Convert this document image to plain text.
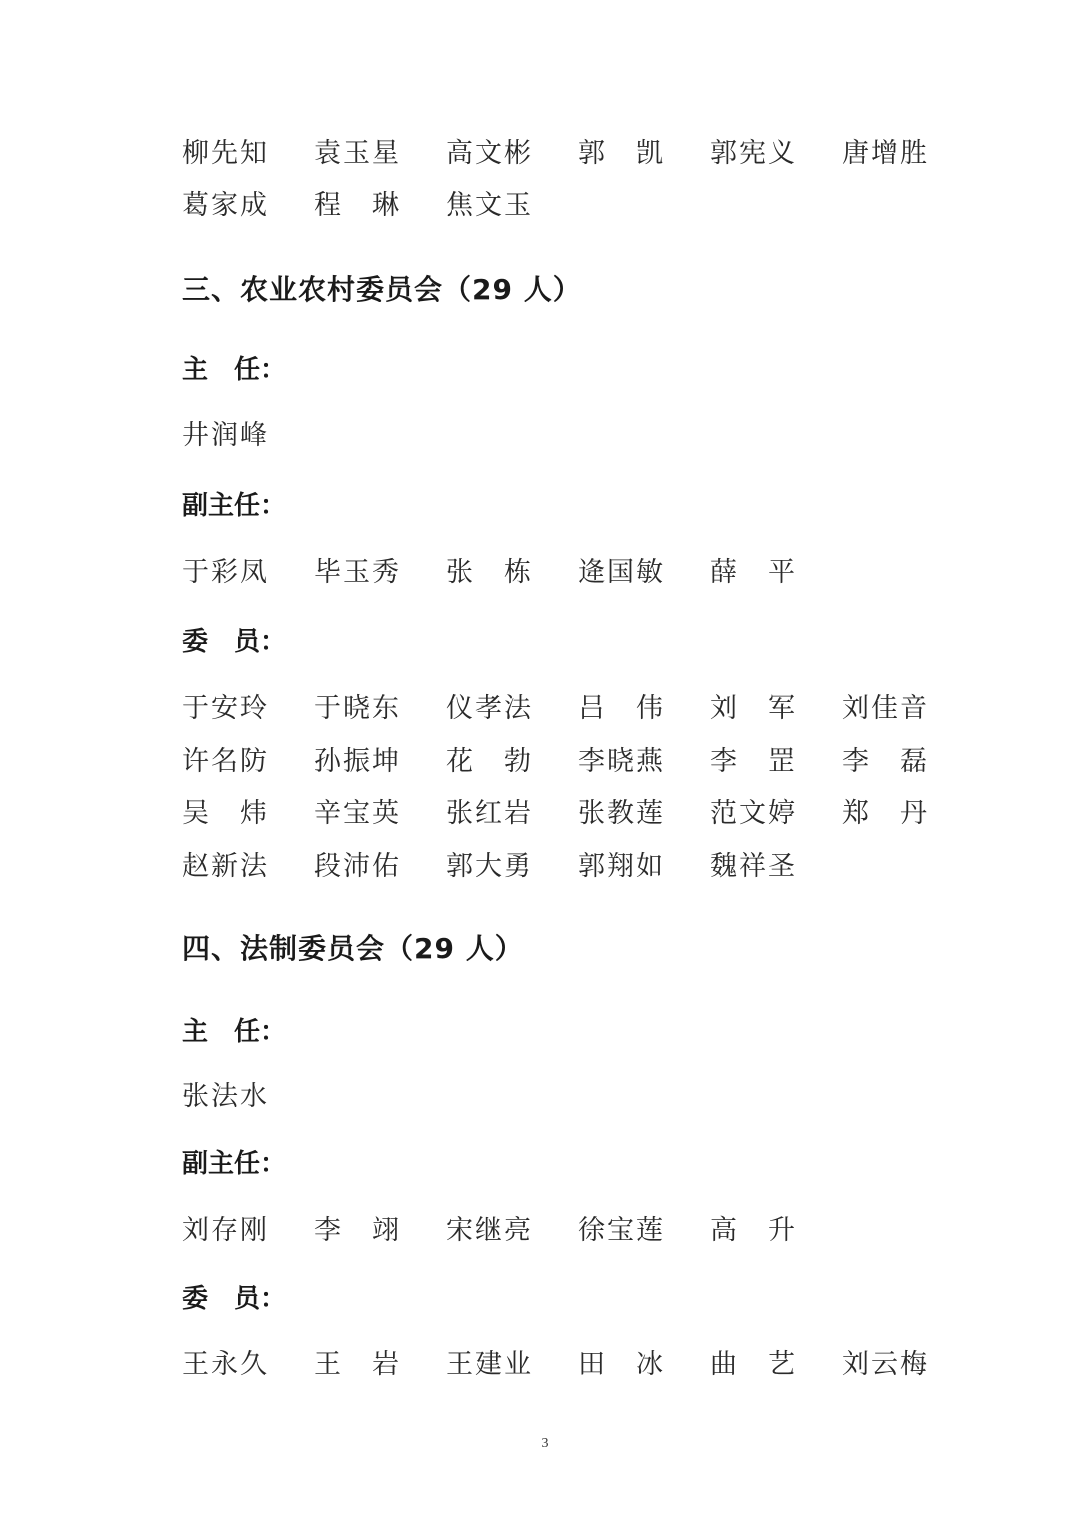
柳先知	袁玉星	高文彬	郭　凯	郭宪义	唐增胜
葛家成	程　琳	焦文玉
三、农业农村委员会（29 人）
主　任：
井润峰
副主任：
于彩凤	毕玉秀	张　栋	逄国敏	薛　平
委　员：
于安玲	于晓东	仪孝法	吕　伟	刘　军	刘佳音
许名防	孙振坤	花　勃	李晓燕	李　罡	李　磊
吴　炜	辛宝英	张红岩	张教莲	范文婷	郑　丹
赵新法	段沛佑	郭大勇	郭翔如	魏祥圣
四、法制委员会（29 人）
主　任：
张法水
副主任：
刘存刚	李　翊	宋继亮	徐宝莲	高　升
委　员：
王永久	王　岩	王建业	田　冰	曲　艺	刘云梅
3
